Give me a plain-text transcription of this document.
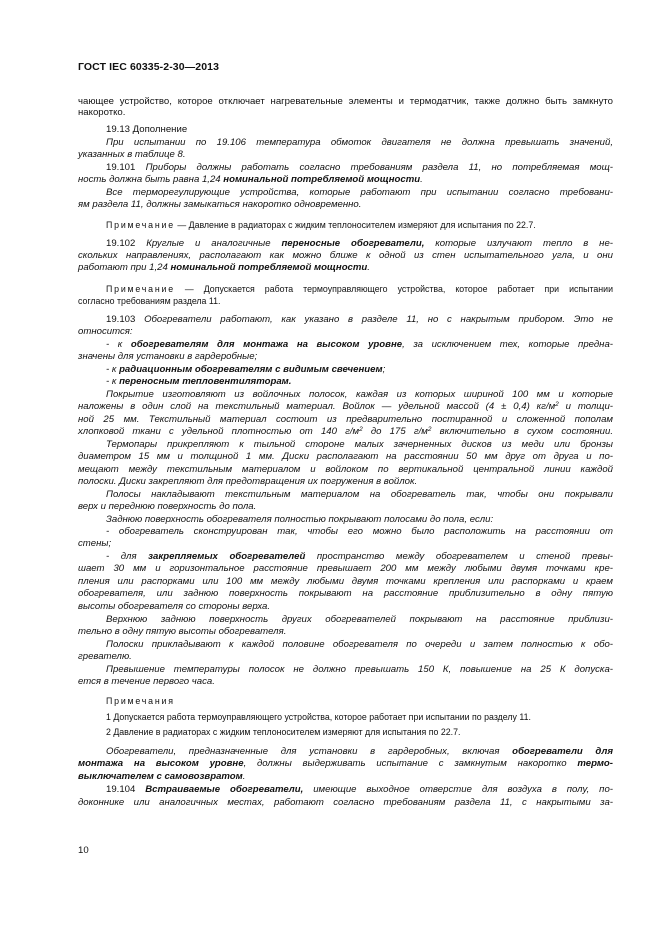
ГОСТ IEC 60335-2-30—2013
чающее устройство, которое отключает нагревательные элементы и термодатчик, также должно быть замкнуто
накоротко.
19.13 Дополнение
При испытании по 19.106 температура обмоток двигателя не должна превышать значений,
указанных в таблице 8.
19.101 Приборы должны работать согласно требованиям раздела 11, но потребляемая мощ-
ность должна быть равна 1,24 номинальной потребляемой мощности.
Все терморегулирующие устройства, которые работают при испытании согласно требовани-
ям раздела 11, должны замыкаться накоротко одновременно.
Примечание — Давление в радиаторах с жидким теплоносителем измеряют для испытания по 22.7.
19.102 Круглые и аналогичные переносные обогреватели, которые излучают тепло в не-
скольких направлениях, располагают как можно ближе к одной из стен испытательного угла, и они
работают при 1,24 номинальной потребляемой мощности.
Примечание — Допускается работа термоуправляющего устройства, которое работает при испытании
согласно требованиям раздела 11.
19.103 Обогреватели работают, как указано в разделе 11, но с накрытым прибором. Это не
относится:
- к обогревателям для монтажа на высоком уровне, за исключением тех, которые предна-
значены для установки в гардеробные;
- к радиационным обогревателям с видимым свечением;
- к переносным тепловентиляторам.
Покрытие изготовляют из войлочных полосок, каждая из которых шириной 100 мм и которые
наложены в один слой на текстильный материал. Войлок — удельной массой (4 ± 0,4) $кг/м^2$ и толщи-
ной 25 мм. Текстильный материал состоит из предварительно постиранной и сложенной пополам
хлопковой ткани с удельной плотностью от 140 $г/м^2$ до 175 $г/м^2$ включительно в сухом состоянии.
Термопары прикрепляют к тыльной стороне малых зачерненных дисков из меди или бронзы
диаметром 15 мм и толщиной 1 мм. Диски располагают на расстоянии 50 мм друг от друга и по-
мещают между текстильным материалом и войлоком по вертикальной центральной линии каждой
полоски. Диски закрепляют для предотвращения их погружения в войлок.
Полосы накладывают текстильным материалом на обогреватель так, чтобы они покрывали
верх и переднюю поверхность до пола.
Заднюю поверхность обогревателя полностью покрывают полосами до пола, если:
- обогреватель сконструирован так, чтобы его можно было расположить на расстоянии от
стены;
- для закрепляемых обогревателей пространство между обогревателем и стеной превы-
шает 30 мм и горизонтальное расстояние превышает 200 мм между любыми двумя точками кре-
пления или распорками или 100 мм между любыми двумя точками крепления или распорками и краем
обогревателя, или заднюю поверхность покрывают на расстояние приблизительно в одну пятую
высоты обогревателя со стороны верха.
Верхнюю заднюю поверхность других обогревателей покрывают на расстояние приблизи-
тельно в одну пятую высоты обогревателя.
Полоски прикладывают к каждой половине обогревателя по очереди и затем полностью к обо-
гревателю.
Превышение температуры полосок не должно превышать 150 К, повышение на 25 К допуска-
ется в течение первого часа.
Примечания
1 Допускается работа термоуправляющего устройства, которое работает при испытании по разделу 11.
2 Давление в радиаторах с жидким теплоносителем измеряют для испытания по 22.7.
Обогреватели, предназначенные для установки в гардеробных, включая обогреватели для
монтажа на высоком уровне, должны выдерживать испытание с замкнутым накоротко термо-
выключателем с самовозвратом.
19.104 Встраиваемые обогреватели, имеющие выходное отверстие для воздуха в полу, по-
доконнике или аналогичных местах, работают согласно требованиям раздела 11, с накрытыми за-
10
